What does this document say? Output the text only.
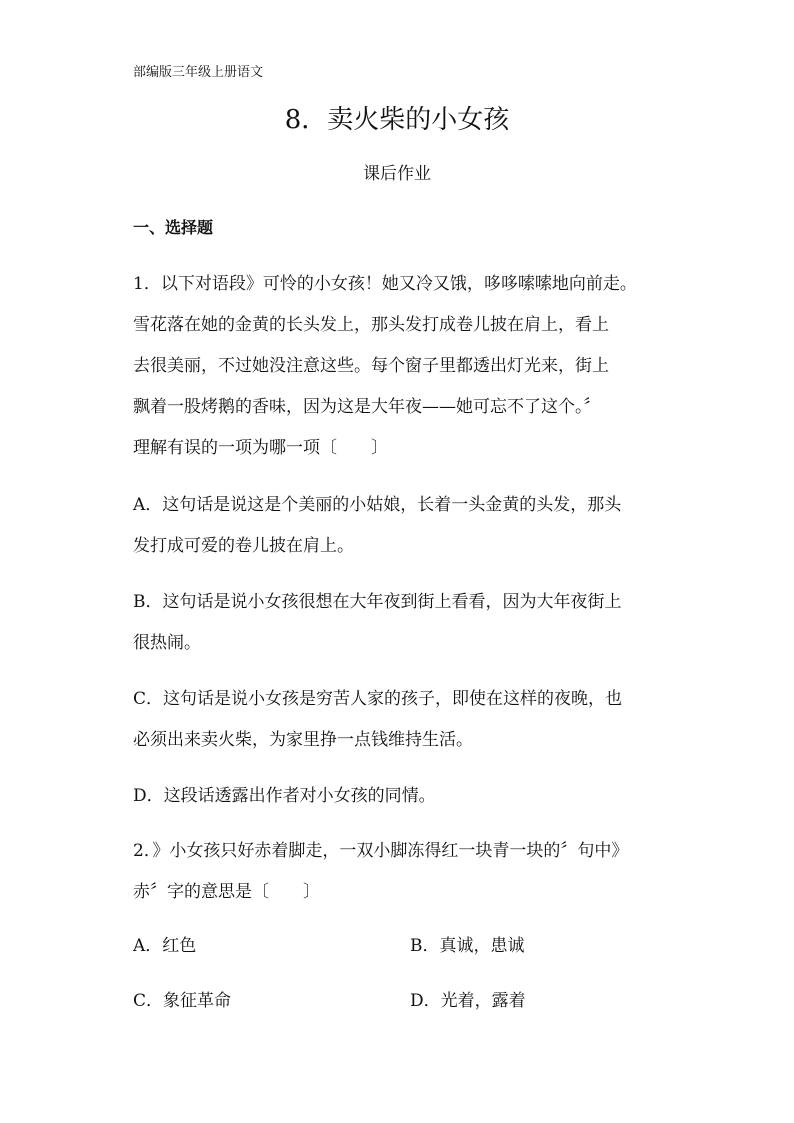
部编版三年级上册语文
8．卖火柴的小女孩
课后作业
一、选择题
1．以下对语段》可怜的小女孩！她又冷又饿，哆哆嗦嗦地向前走。
雪花落在她的金黄的长头发上，那头发打成卷儿披在肩上，看上
去很美丽，不过她没注意这些。每个窗子里都透出灯光来，街上
飘着一股烤鹅的香味，因为这是大年夜——她可忘不了这个。〞
理解有误的一项为哪一项〔　　〕
A．这句话是说这是个美丽的小姑娘，长着一头金黄的头发，那头
发打成可爱的卷儿披在肩上。
B．这句话是说小女孩很想在大年夜到街上看看，因为大年夜街上
很热闹。
C．这句话是说小女孩是穷苦人家的孩子，即使在这样的夜晚，也
必须出来卖火柴，为家里挣一点钱维持生活。
D．这段话透露出作者对小女孩的同情。
2．》小女孩只好赤着脚走，一双小脚冻得红一块青一块的〞句中》
赤〞字的意思是〔　　〕
A．红色	B．真诚，患诚
C．象征革命	D．光着，露着
